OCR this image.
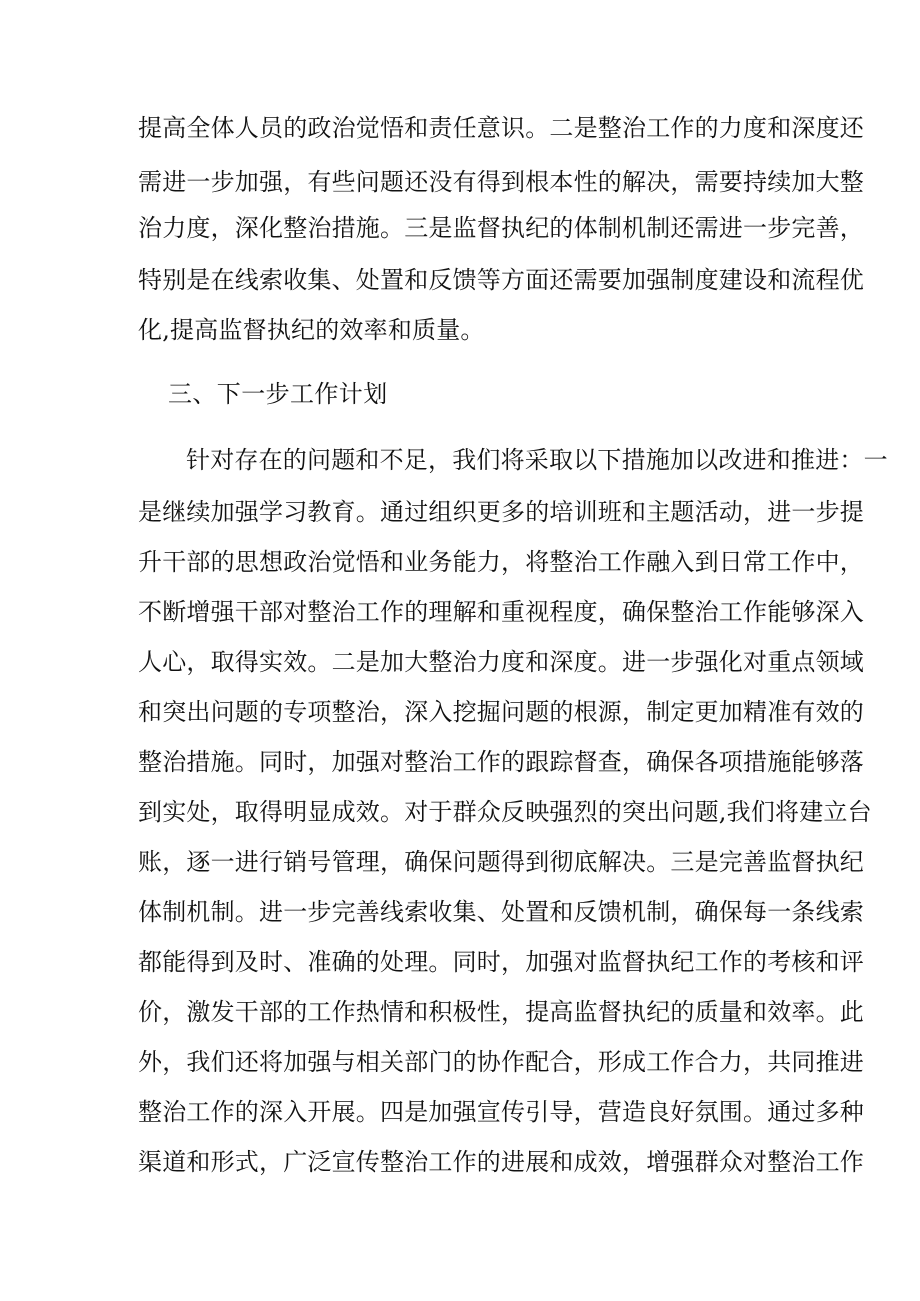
提高全体人员的政治觉悟和责任意识。二是整治工作的力度和深度还
需进一步加强，有些问题还没有得到根本性的解决，需要持续加大整
治力度，深化整治措施。三是监督执纪的体制机制还需进一步完善，
特别是在线索收集、处置和反馈等方面还需要加强制度建设和流程优
化,提高监督执纪的效率和质量。
三、下一步工作计划
针对存在的问题和不足，我们将采取以下措施加以改进和推进：一
是继续加强学习教育。通过组织更多的培训班和主题活动，进一步提
升干部的思想政治觉悟和业务能力，将整治工作融入到日常工作中，
不断增强干部对整治工作的理解和重视程度，确保整治工作能够深入
人心，取得实效。二是加大整治力度和深度。进一步强化对重点领域
和突出问题的专项整治，深入挖掘问题的根源，制定更加精准有效的
整治措施。同时，加强对整治工作的跟踪督查，确保各项措施能够落
到实处，取得明显成效。对于群众反映强烈的突出问题,我们将建立台
账，逐一进行销号管理，确保问题得到彻底解决。三是完善监督执纪
体制机制。进一步完善线索收集、处置和反馈机制，确保每一条线索
都能得到及时、准确的处理。同时，加强对监督执纪工作的考核和评
价，激发干部的工作热情和积极性，提高监督执纪的质量和效率。此
外，我们还将加强与相关部门的协作配合，形成工作合力，共同推进
整治工作的深入开展。四是加强宣传引导，营造良好氛围。通过多种
渠道和形式，广泛宣传整治工作的进展和成效，增强群众对整治工作
